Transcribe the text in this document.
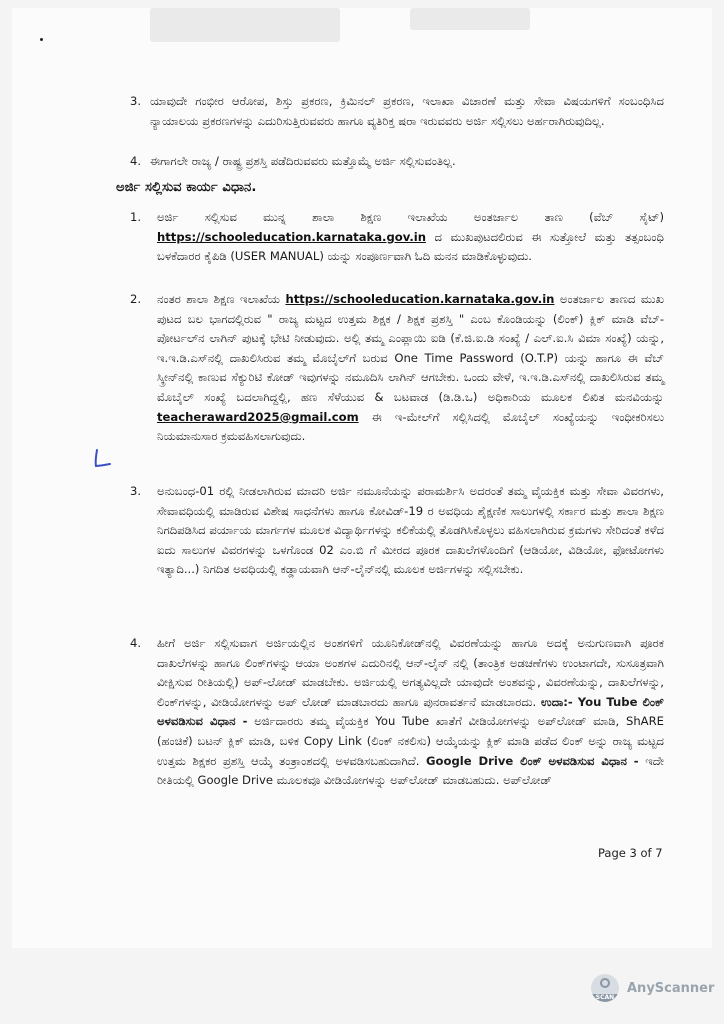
3. ಯಾವುದೇ ಗಂಭೀರ ಆರೋಪ, ಶಿಸ್ತು ಪ್ರಕರಣ, ಕ್ರಿಮಿನಲ್ ಪ್ರಕರಣ, ಇಲಾಖಾ ವಿಚಾರಣೆ ಮತ್ತು ಸೇವಾ ವಿಷಯಗಳಿಗೆ ಸಂಬಂಧಿಸಿದ ನ್ಯಾಯಾಲಯ ಪ್ರಕರಣಗಳನ್ನು ಎದುರಿಸುತ್ತಿರುವವರು ಹಾಗೂ ವ್ಯತಿರಿಕ್ತ ಷರಾ ಇರುವವರು ಅರ್ಜಿ ಸಲ್ಲಿಸಲು ಅರ್ಹರಾಗಿರುವುದಿಲ್ಲ.
4. ಈಗಾಗಲೇ ರಾಜ್ಯ / ರಾಷ್ಟ್ರ ಪ್ರಶಸ್ತಿ ಪಡೆದಿರುವವರು ಮತ್ತೊಮ್ಮೆ ಅರ್ಜಿ ಸಲ್ಲಿಸುವಂತಿಲ್ಲ.
ಅರ್ಜಿ ಸಲ್ಲಿಸುವ ಕಾರ್ಯ ವಿಧಾನ.
1. ಅರ್ಜಿ ಸಲ್ಲಿಸುವ ಮುನ್ನ ಶಾಲಾ ಶಿಕ್ಷಣ ಇಲಾಖೆಯ ಅಂತರ್ಜಾಲ ತಾಣ (ವೆಬ್ ಸೈಟ್) https://schooleducation.karnataka.gov.in ದ ಮುಖಪುಟದಲಿರುವ ಈ ಸುತ್ತೋಲೆ ಮತ್ತು ತತ್ಸಂಬಂಧಿ ಬಳಕೆದಾರರ ಕೈಪಿಡಿ (USER MANUAL) ಯನ್ನು ಸಂಪೂರ್ಣವಾಗಿ ಓದಿ ಮನನ ಮಾಡಿಕೊಳ್ಳುವುದು.
2. ನಂತರ ಶಾಲಾ ಶಿಕ್ಷಣ ಇಲಾಖೆಯ https://schooleducation.karnataka.gov.in ಅಂತರ್ಜಾಲ ತಾಣದ ಮುಖ ಪುಟದ ಬಲ ಭಾಗದಲ್ಲಿರುವ " ರಾಜ್ಯ ಮಟ್ಟದ ಉತ್ತಮ ಶಿಕ್ಷಕ / ಶಿಕ್ಷಕ ಪ್ರಶಸ್ತಿ " ಎಂಬ ಕೊಂಡಿಯನ್ನು (ಲಿಂಕ್) ಕ್ಲಿಕ್ ಮಾಡಿ ವೆಬ್-ಪೋರ್ಟಲ್‌ನ ಲಾಗಿನ್ ಪುಟಕ್ಕೆ ಭೇಟಿ ನೀಡುವುದು. ಅಲ್ಲಿ ತಮ್ಮ ಎಂಪ್ಲಾಯಿ ಐಡಿ (ಕೆ.ಜಿ.ಐ.ಡಿ ಸಂಖ್ಯೆ / ಎಲ್.ಐ.ಸಿ ವಿಮಾ ಸಂಖ್ಯೆ) ಯನ್ನು, ಇ.ಇ.ಡಿ.ಎಸ್‌ನಲ್ಲಿ ದಾಖಲಿಸಿರುವ ತಮ್ಮ ಮೊಬೈಲ್‌ಗೆ ಬರುವ One Time Password (O.T.P) ಯನ್ನು ಹಾಗೂ ಈ ವೆಬ್ ಸ್ಕ್ರೀನ್‌ನಲ್ಲಿ ಕಾಣುವ ಸೆಕ್ಯುರಿಟಿ ಕೋಡ್ ಇವುಗಳನ್ನು ನಮೂದಿಸಿ ಲಾಗಿನ್ ಆಗಬೇಕು. ಒಂದು ವೇಳೆ, ಇ.ಇ.ಡಿ.ಎಸ್‌ನಲ್ಲಿ ದಾಖಲಿಸಿರುವ ತಮ್ಮ ಮೊಬೈಲ್ ಸಂಖ್ಯೆ ಬದಲಾಗಿದ್ದಲ್ಲಿ, ಹಣ ಸೆಳೆಯುವ & ಬಟವಾಡ (ಡಿ.ಡಿ.ಒ) ಅಧಿಕಾರಿಯ ಮೂಲಕ ಲಿಖಿತ ಮನವಿಯನ್ನು teacheraward2025@gmail.com ಈ ಇ-ಮೇಲ್‌ಗೆ ಸಲ್ಲಿಸಿದಲ್ಲಿ ಮೊಬೈಲ್ ಸಂಖ್ಯೆಯನ್ನು ಇಂಧೀಕರಿಸಲು ನಿಯಮಾನುಸಾರ ಕ್ರಮವಹಿಸಲಾಗುವುದು.
3. ಅನುಬಂಧ-01 ರಲ್ಲಿ ನೀಡಲಾಗಿರುವ ಮಾದರಿ ಅರ್ಜಿ ನಮೂನೆಯನ್ನು ಪರಾಮರ್ಶಿಸಿ ಅದರಂತೆ ತಮ್ಮ ವೈಯಕ್ತಿಕ ಮತ್ತು ಸೇವಾ ವಿವರಗಳು, ಸೇವಾವಧಿಯಲ್ಲಿ ಮಾಡಿರುವ ವಿಶೇಷ ಸಾಧನೆಗಳು ಹಾಗೂ ಕೋವಿಡ್-19 ರ ಅವಧಿಯ ಶೈಕ್ಷಣಿಕ ಸಾಲುಗಳಲ್ಲಿ ಸರ್ಕಾರ ಮತ್ತು ಶಾಲಾ ಶಿಕ್ಷಣ ನಿಗದಿಪಡಿಸಿದ ಪರ್ಯಾಯ ಮಾರ್ಗಗಳ ಮೂಲಕ ವಿದ್ಯಾರ್ಥಿಗಳನ್ನು ಕಲಿಕೆಯಲ್ಲಿ ತೊಡಗಿಸಿಕೊಳ್ಳಲು ವಹಿಸಲಾಗಿರುವ ಕ್ರಮಗಳು ಸೇರಿದಂತೆ ಕಳೆದ ಐದು ಸಾಲುಗಳ ವಿವರಗಳನ್ನು ಒಳಗೊಂಡ 02 ಎಂ.ಬಿ ಗೆ ಮೀರದ ಪೂರಕ ದಾಖಲೆಗಳೊಂದಿಗೆ (ಆಡಿಯೋ, ವಿಡಿಯೋ, ಫೋಟೋಗಳು ಇತ್ಯಾದಿ...) ನಿಗದಿತ ಅವಧಿಯಲ್ಲಿ ಕಡ್ಡಾಯವಾಗಿ ಆನ್-ಲೈನ್‌ನಲ್ಲಿ ಮೂಲಕ ಅರ್ಜಿಗಳನ್ನು ಸಲ್ಲಿಸಬೇಕು.
4. ಹೀಗೆ ಅರ್ಜಿ ಸಲ್ಲಿಸುವಾಗ ಅರ್ಜಿಯಲ್ಲಿನ ಅಂಶಗಳಿಗೆ ಯೂನಿಕೋಡ್‌ನಲ್ಲಿ ವಿವರಣೆಯನ್ನು ಹಾಗೂ ಅದಕ್ಕೆ ಅನುಗುಣವಾಗಿ ಪೂರಕ ದಾಖಲೆಗಳನ್ನು ಹಾಗೂ ಲಿಂಕ್‌ಗಳನ್ನು ಆಯಾ ಅಂಶಗಳ ಎದುರಿನಲ್ಲಿ ಆನ್-ಲೈನ್ ನಲ್ಲಿ (ತಾಂತ್ರಿಕ ಅಡಚಣೆಗಳು ಉಂಟಾಗದೇ, ಸುಸೂತ್ರವಾಗಿ ವೀಕ್ಷಿಸುವ ರೀತಿಯಲ್ಲಿ) ಅಪ್-ಲೋಡ್ ಮಾಡಬೇಕು. ಅರ್ಜಿಯಲ್ಲಿ ಅಗತ್ಯವಿಲ್ಲದೇ ಯಾವುದೇ ಅಂಶವನ್ನು, ವಿವರಣೆಯನ್ನು, ದಾಖಲೆಗಳನ್ನು, ಲಿಂಕ್‌ಗಳನ್ನು, ವೀಡಿಯೋಗಳನ್ನು ಅಪ್ ಲೋಡ್ ಮಾಡಬಾರದು ಹಾಗೂ ಪುನರಾವರ್ತನೆ ಮಾಡಬಾರದು. ಉದಾ:- You Tube ಲಿಂಕ್ ಅಳವಡಿಸುವ ವಿಧಾನ - ಅರ್ಜಿದಾರರು ತಮ್ಮ ವೈಯಕ್ತಿಕ You Tube ಖಾತೆಗೆ ವೀಡಿಯೋಗಳನ್ನು ಅಪ್‌ಲೋಡ್ ಮಾಡಿ, ShARE (ಹಂಚಿಕೆ) ಬಟನ್ ಕ್ಲಿಕ್ ಮಾಡಿ, ಬಳಿಕ Copy Link (ಲಿಂಕ್ ನಕಲಿಸು) ಆಯ್ಕೆಯನ್ನು ಕ್ಲಿಕ್ ಮಾಡಿ ಪಡೆದ ಲಿಂಕ್ ಅನ್ನು ರಾಜ್ಯ ಮಟ್ಟದ ಉತ್ತಮ ಶಿಕ್ಷಕರ ಪ್ರಶಸ್ತಿ ಆಯ್ಕೆ ತಂತ್ರಾಂಶದಲ್ಲಿ ಅಳವಡಿಸಬಹುದಾಗಿದೆ. Google Drive ಲಿಂಕ್ ಅಳವಡಿಸುವ ವಿಧಾನ - ಇದೇ ರೀತಿಯಲ್ಲಿ Google Drive ಮೂಲಕವೂ ವೀಡಿಯೋಗಳನ್ನು ಅಪ್‌ಲೋಡ್ ಮಾಡಬಹುದು. ಅಪ್‌ಲೋಡ್
Page 3 of 7
SCAN
AnyScanner
